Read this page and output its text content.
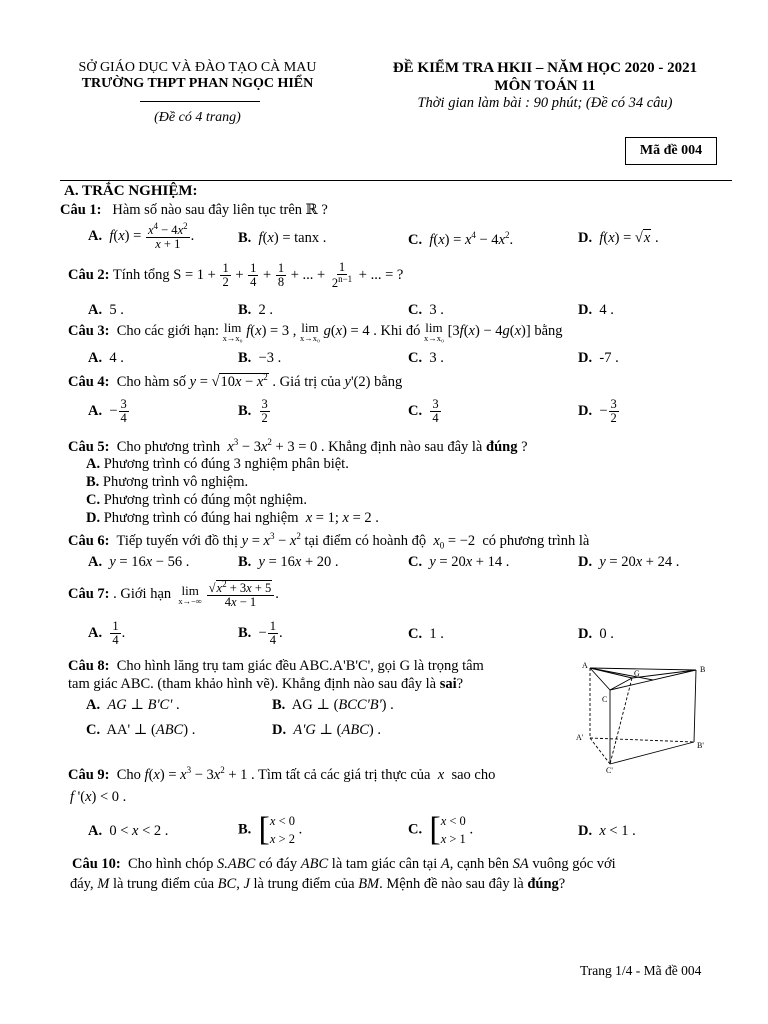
SỞ GIÁO DỤC VÀ ĐÀO TẠO CÀ MAU
TRƯỜNG THPT PHAN NGỌC HIỂN
(Đề có 4 trang)
ĐỀ KIỂM TRA HKII – NĂM HỌC 2020 - 2021
MÔN TOÁN 11
Thời gian làm bài : 90 phút; (Đề có 34 câu)
Mã đề 004
A. TRẮC NGHIỆM:
Câu 1: Hàm số nào sau đây liên tục trên ℝ ?
A. $f(x) = \frac{x^4 - 4x^2}{x + 1}$ .	B. f(x) = tanx .	C. $f(x) = x^4 - 4x^2$.	D. f(x) = √x .
Câu 2: Tính tổng $S = 1 + \frac{1}{2} + \frac{1}{4} + \frac{1}{8}$ + ... + $\frac{1}{2^{n-1}}$ + ... = ?
A. 5 .	B. 2 .	C. 3 .	D. 4 .
Câu 3: Cho các giới hạn: lim
x→x₀ f(x) = 3 , lim
x→x₀ g(x) = 4 . Khi đó lim
x→x₀ [3f(x) − 4g(x)] bằng
A. 4 .	B. −3 .	C. 3 .	D. -7 .
Câu 4: Cho hàm số $y = √10x - x^2$ . Giá trị của y'(2) bằng
A.  − $\frac{3}{4}$	B. $\frac{3}{2}$	C. $\frac{3}{4}$	D.  − $\frac{3}{2}$
Câu 5: Cho phương trình $x^3 - 3x^2 + 3 = 0$ . Khẳng định nào sau đây là đúng ?
A. Phương trình có đúng 3 nghiệm phân biệt.
B. Phương trình vô nghiệm.
C. Phương trình có đúng một nghiệm.
D. Phương trình có đúng hai nghiệm x = 1; x = 2 .
Câu 6: Tiếp tuyến với đồ thị $y = x^3 - x^2$ tại điểm có hoành độ $x_0 = -2$  có phương trình là
A. y = 16x − 56 .	B. y = 16x + 20 .	C. y = 20x + 14 .	D. y = 20x + 24 .
Câu 7: . Giới hạn lim
x→−∞
$\frac{√x^2 + 3x + 5}{4x - 1}$ .
A. $\frac{1}{4}$ .	B.  − $\frac{1}{4}$ .	C. 1 .	D. 0 .
Câu 8: Cho hình lăng trụ tam giác đều ABC.A'B'C', gọi G là trọng tâm
tam giác ABC. (tham khảo hình vẽ). Khẳng định nào sau đây là sai?
A. AG ⊥ B'C' .	B.  AG ⊥ (BCC'B') .
C.  AA' ⊥ (ABC) .	D. A'G ⊥ (ABC) .
A	B
C
G
A'
B'
C'
Câu 9: Cho $f(x) = x^3 - 3x^2 + 1$ . Tìm tất cả các giá trị thực của x sao cho
f '(x) < 0 .
A.  0 < x < 2 .	B. [ x < 0
x > 2
.	C. [ x < 0
x > 1
.	D. x < 1 .
Câu 10: Cho hình chóp S.ABC có đáy ABC là tam giác cân tại A, cạnh bên SA vuông góc với
đáy, M là trung điểm của BC, J là trung điểm của BM. Mệnh đề nào sau đây là đúng?
Trang 1/4 - Mã đề 004
